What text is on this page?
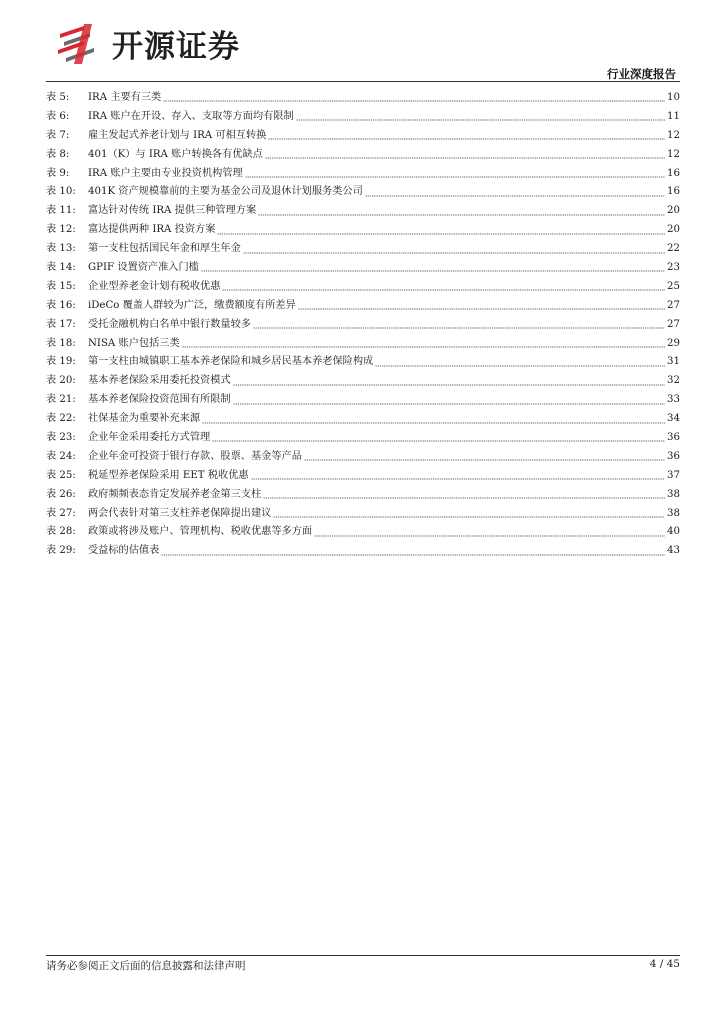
开源证券
行业深度报告
表 5:	IRA 主要有三类	10
表 6:	IRA 账户在开设、存入、支取等方面均有限制	11
表 7:	雇主发起式养老计划与 IRA 可相互转换	12
表 8:	401（K）与 IRA 账户转换各有优缺点	12
表 9:	IRA 账户主要由专业投资机构管理	16
表 10:	401K 资产规模靠前的主要为基金公司及退休计划服务类公司	16
表 11:	富达针对传统 IRA 提供三种管理方案	20
表 12:	富达提供两种 IRA 投资方案	20
表 13:	第一支柱包括国民年金和厚生年金	22
表 14:	GPIF 设置资产准入门槛	23
表 15:	企业型养老金计划有税收优惠	25
表 16:	iDeCo 覆盖人群较为广泛，缴费额度有所差异	27
表 17:	受托金融机构白名单中银行数量较多	27
表 18:	NISA 账户包括三类	29
表 19:	第一支柱由城镇职工基本养老保险和城乡居民基本养老保险构成	31
表 20:	基本养老保险采用委托投资模式	32
表 21:	基本养老保险投资范围有所限制	33
表 22:	社保基金为重要补充来源	34
表 23:	企业年金采用委托方式管理	36
表 24:	企业年金可投资于银行存款、股票、基金等产品	36
表 25:	税延型养老保险采用 EET 税收优惠	37
表 26:	政府频频表态肯定发展养老金第三支柱	38
表 27:	两会代表针对第三支柱养老保障提出建议	38
表 28:	政策或将涉及账户、管理机构、税收优惠等多方面	40
表 29:	受益标的估值表	43
请务必参阅正文后面的信息披露和法律声明	4 / 45
